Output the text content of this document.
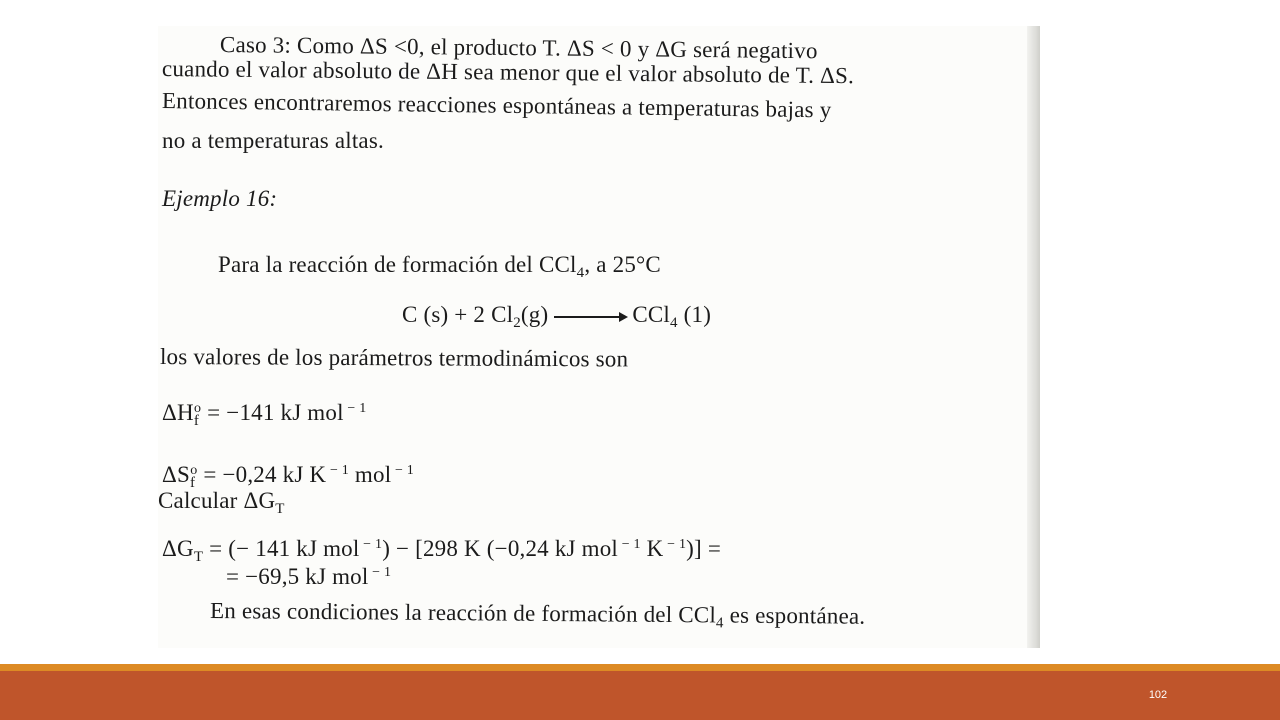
Caso 3: Como ΔS <0, el producto T. ΔS < 0 y ΔG será negativo
cuando el valor absoluto de ΔH sea menor que el valor absoluto de T. ΔS.
Entonces encontraremos reacciones espontáneas a temperaturas bajas y
no a temperaturas altas.
Ejemplo 16:
Para la reacción de formación del CCl$_4$, a 25°C
C (s) + 2 $Cl_2(g)$	CCl$_4$ (1)
los valores de los parámetros termodinámicos son
$\Delta H_f^o = -141$ kJ mol $^{- 1}$
$\Delta S_f^o = -0,24$ kJ K $^{- 1}$ mol $^{- 1}$
Calcular $\Delta G_T$
$\Delta G_T$ = (− 141 kJ mol $^{- 1}$) − [298 K (−0,24 kJ mol $^{- 1}$ K $^{- 1}$)] =
= −69,5 kJ mol $^{- 1}$
En esas condiciones la reacción de formación del CCl$_4$ es espontánea.
102
